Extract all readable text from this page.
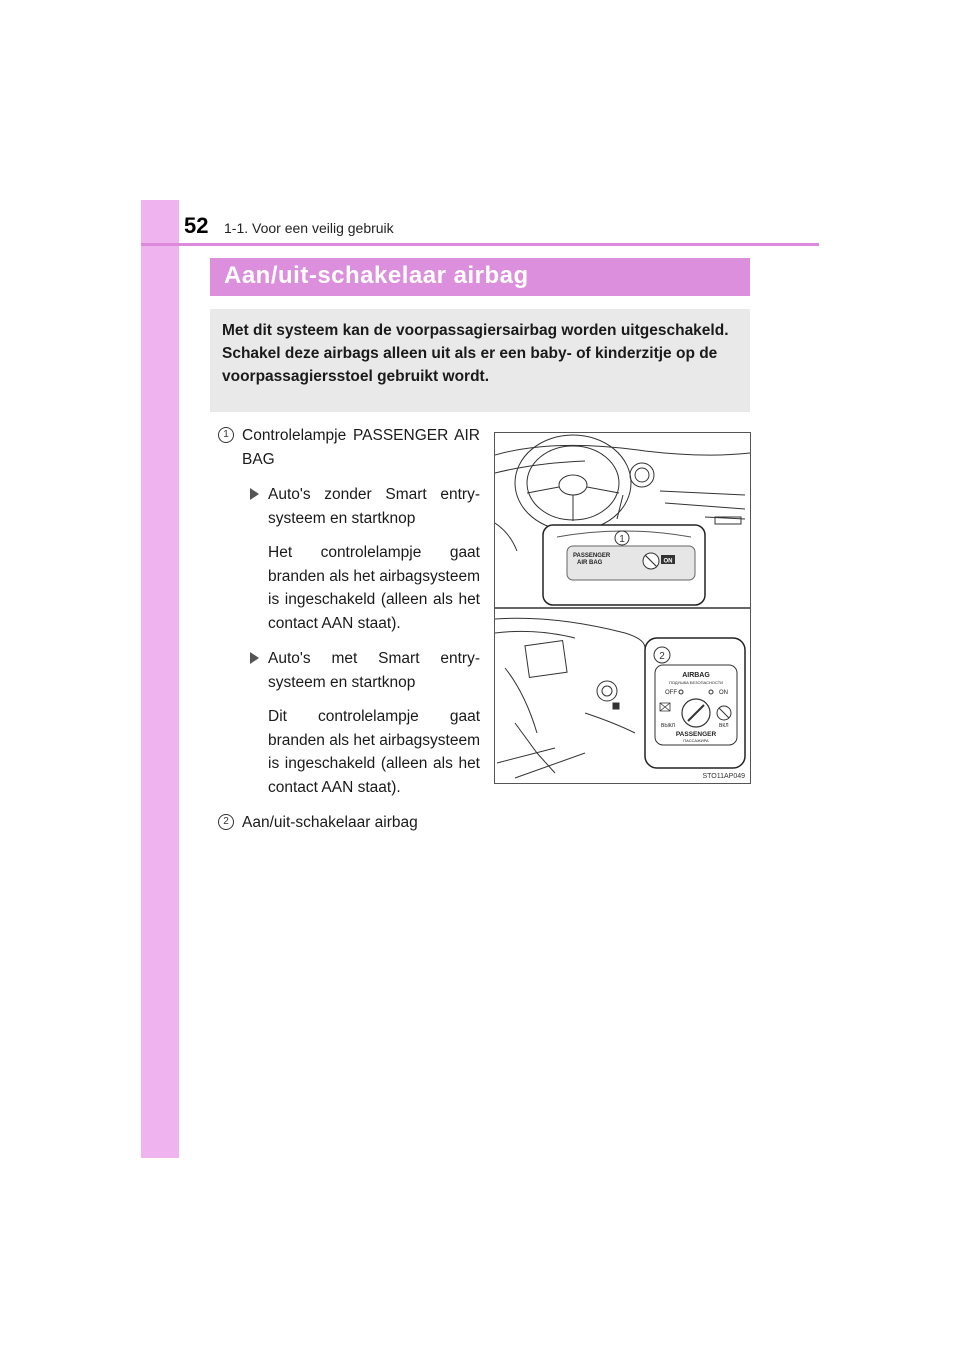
52 1-1. Voor een veilig gebruik
Aan/uit-schakelaar airbag

Met dit systeem kan de voorpassagiersairbag worden uitgeschakeld.

Schakel deze airbags alleen uit als er een baby- of kinderzitje op de voorpassagiersstoel gebruikt wordt.

1 Controlelampje PASSENGER AIR BAG
Auto's zonder Smart entry-systeem en startknop
Het controlelampje gaat branden als het airbagsysteem is ingeschakeld (alleen als het contact AAN staat).
Auto's met Smart entry-systeem en startknop
Dit controlelampje gaat branden als het airbagsysteem is ingeschakeld (alleen als het contact AAN staat).
2 Aan/uit-schakelaar airbag
1
PASSENGER
AIR BAG	ON
2
AIRBAG
ПОДУШКА БЕЗОПАСНОСТИ
OFF	ON
ВЫКЛ	ВКЛ
PASSENGER
ПАССАЖИРА
STO11AP049
